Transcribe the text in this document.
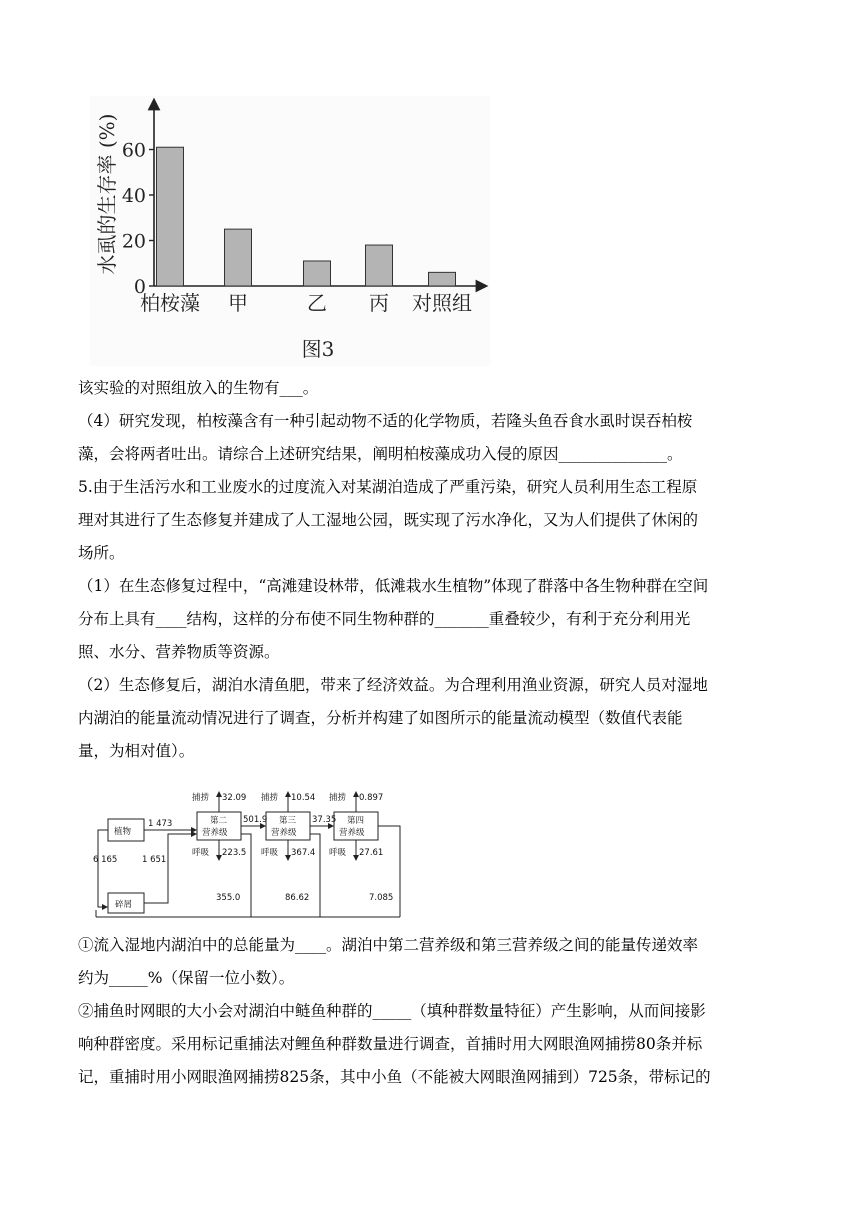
0
20
40
60
柏桉藻 甲	乙 丙 对照组
水虱的生存率 (%)
图3
该实验的对照组放入的生物有___。
（4）研究发现，柏桉藻含有一种引起动物不适的化学物质，若隆头鱼吞食水虱时误吞柏桉
藻，会将两者吐出。请综合上述研究结果，阐明柏桉藻成功入侵的原因______________。
5.由于生活污水和工业废水的过度流入对某湖泊造成了严重污染，研究人员利用生态工程原
理对其进行了生态修复并建成了人工湿地公园，既实现了污水净化，又为人们提供了休闲的
场所。
（1）在生态修复过程中，“高滩建设林带，低滩栽水生植物”体现了群落中各生物种群在空间
分布上具有____结构，这样的分布使不同生物种群的_______重叠较少，有利于充分利用光
照、水分、营养物质等资源。
（2）生态修复后，湖泊水清鱼肥，带来了经济效益。为合理利用渔业资源，研究人员对湿地
内湖泊的能量流动情况进行了调查，分析并构建了如图所示的能量流动模型（数值代表能
量，为相对值）。
植物
碎屑
第二
营养级
第三
营养级
第四
营养级
1 473	501.9	37.35
捕捞 32.09 捕捞 10.54 捕捞 0.897
呼吸 223.5 呼吸 367.4 呼吸 27.61
355.0	86.62	7.085
6 165	1 651
①流入湿地内湖泊中的总能量为____。湖泊中第二营养级和第三营养级之间的能量传递效率
约为_____%（保留一位小数）。
②捕鱼时网眼的大小会对湖泊中鲢鱼种群的_____（填种群数量特征）产生影响，从而间接影
响种群密度。采用标记重捕法对鲤鱼种群数量进行调查，首捕时用大网眼渔网捕捞80条并标
记，重捕时用小网眼渔网捕捞825条，其中小鱼（不能被大网眼渔网捕到）725条，带标记的
